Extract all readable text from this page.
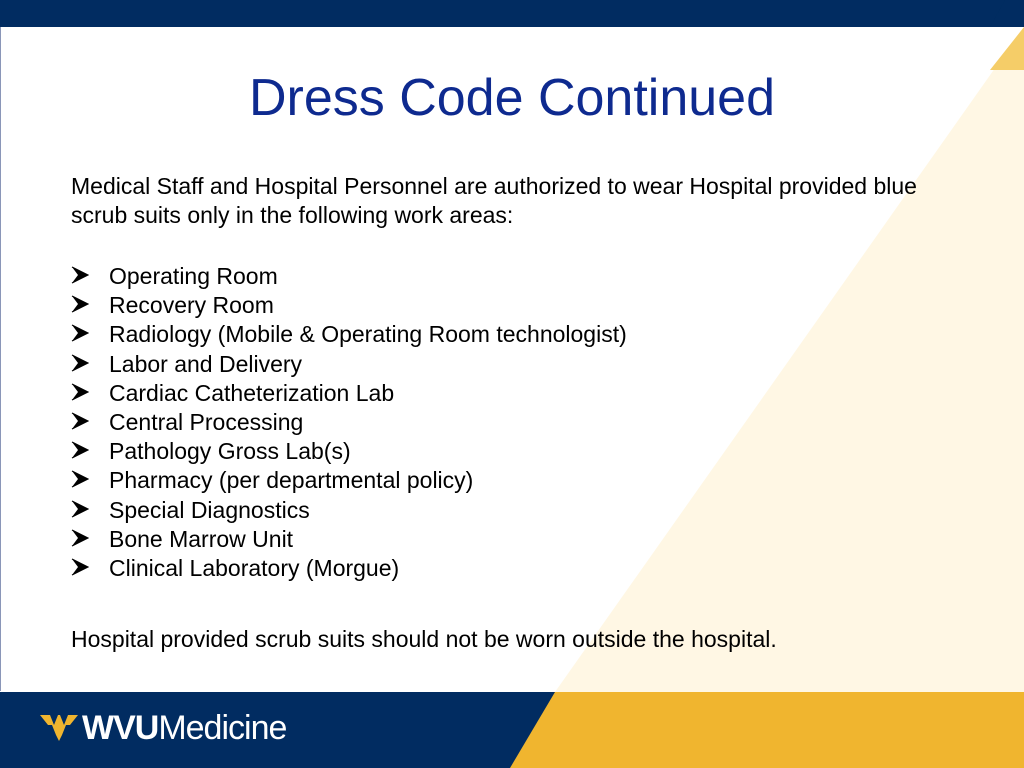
Dress Code Continued
Medical Staff and Hospital Personnel are authorized to wear Hospital provided blue scrub suits only in the following work areas:
Operating Room
Recovery Room
Radiology (Mobile & Operating Room technologist)
Labor and Delivery
Cardiac Catheterization Lab
Central Processing
Pathology Gross Lab(s)
Pharmacy (per departmental policy)
Special Diagnostics
Bone Marrow Unit
Clinical Laboratory (Morgue)
Hospital provided scrub suits should not be worn outside the hospital.
WVU Medicine
